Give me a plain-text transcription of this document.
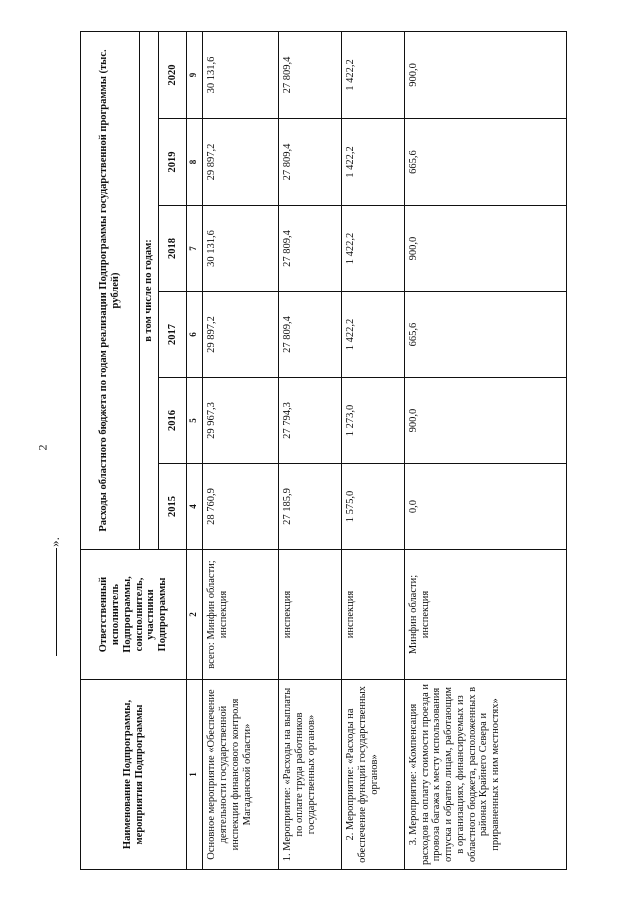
2
».
Наименование Подпрограммы, мероприятия Подпрограммы	Ответственный исполнитель Подпрограммы, соисполнитель, участники Подпрограммы	Расходы областного бюджета по годам реализации Подпрограммы государственной программы (тыс. рублей)					
		в том числе по годам:					
		2015	2016	2017	2018	2019	2020
1	2	4	5	6	7	8	9
Основное мероприятие «Обеспечение деятельности государственной инспекции финансового контроля Магаданской области»	всего: Минфин области; инспекция	28 760,9	29 967,3	29 897,2	30 131,6	29 897,2	30 131,6
1. Мероприятие: «Расходы на выплаты по оплате труда работников государственных органов»	инспекция	27 185,9	27 794,3	27 809,4	27 809,4	27 809,4	27 809,4
2. Мероприятие: «Расходы на обеспечение функций государственных органов»	инспекция	1 575,0	1 273,0	1 422,2	1 422,2	1 422,2	1 422,2
3. Мероприятие: «Компенсация расходов на оплату стоимости проезда и провоза багажа к месту использования отпуска и обратно лицам, работающим в организациях, финансируемых из областного бюджета, расположенных в районах Крайнего Севера и приравненных к ним местностях»	Минфин области; инспекция	0,0	900,0	665,6	900,0	665,6	900,0
